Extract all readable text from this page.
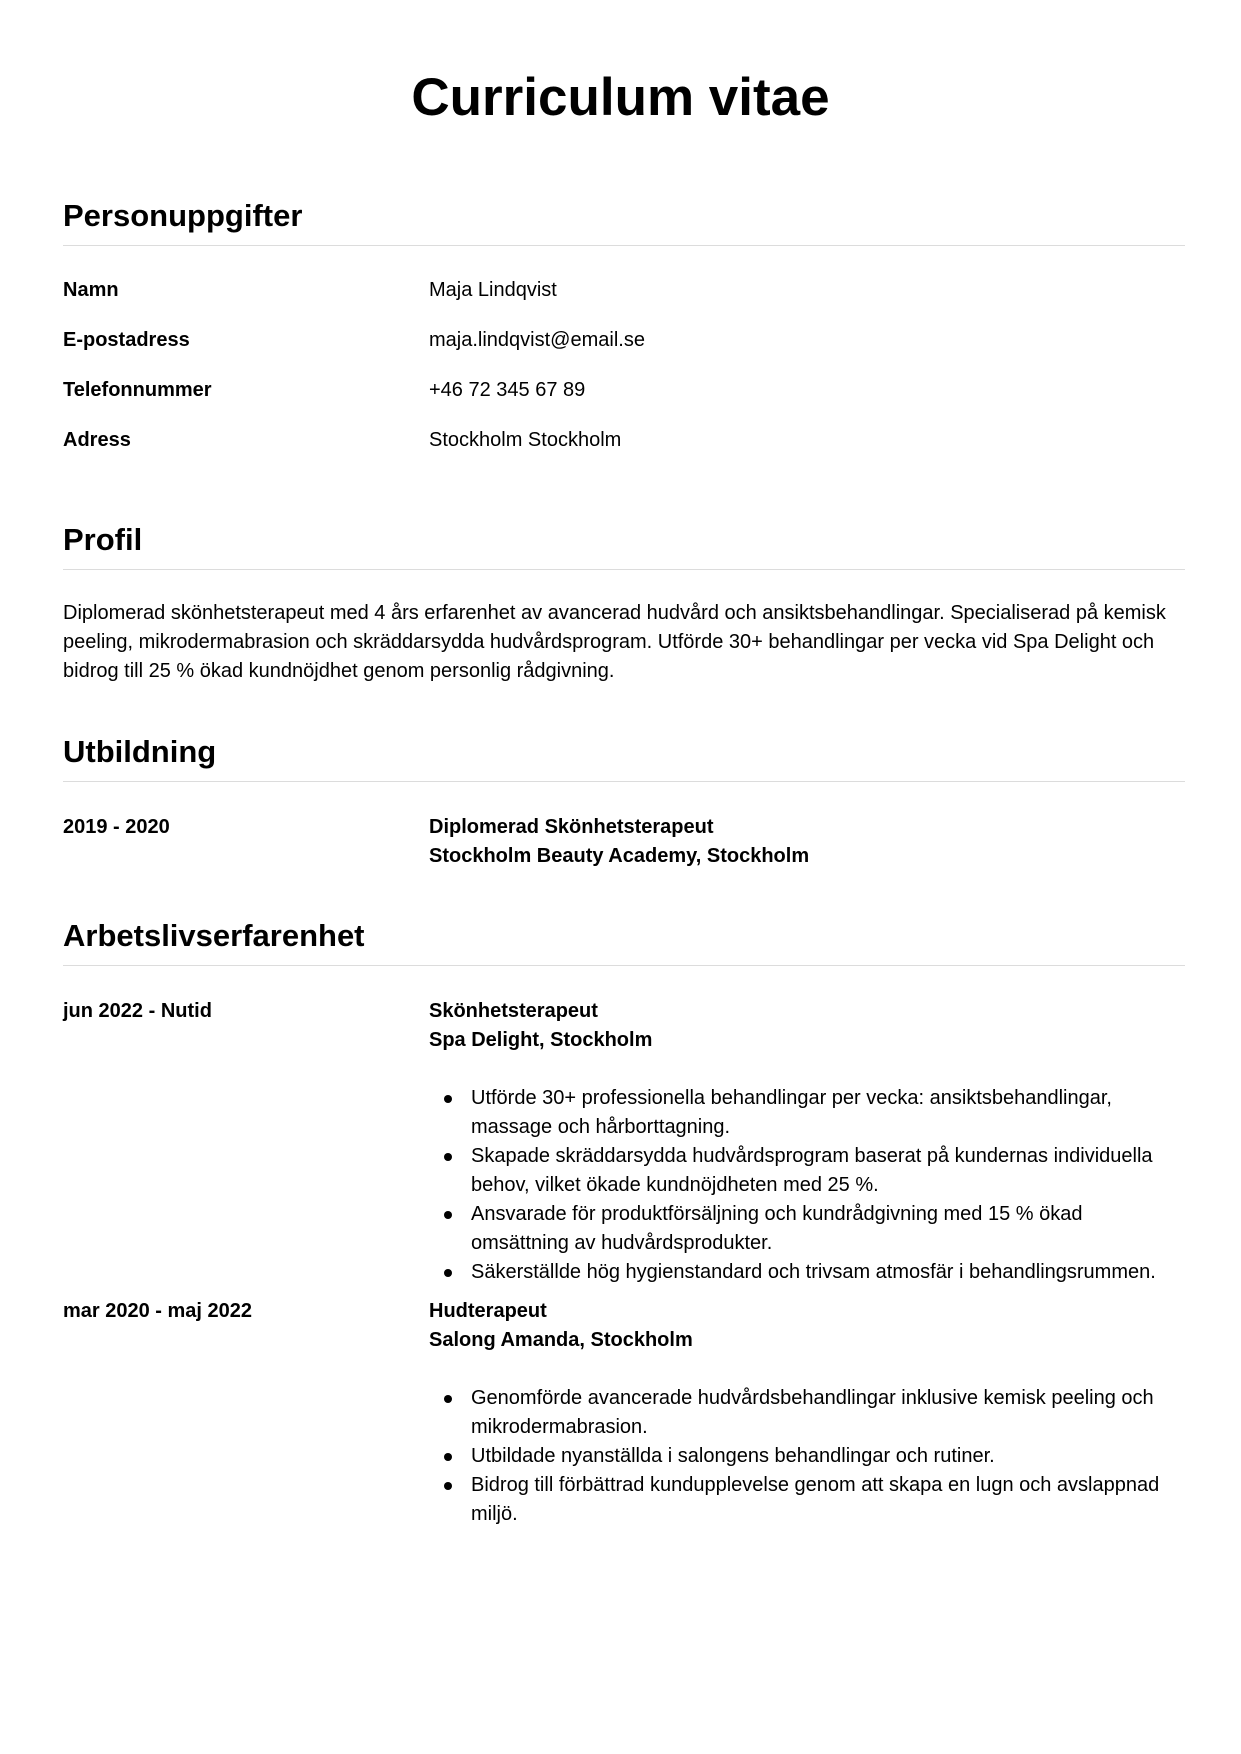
Curriculum vitae
Personuppgifter
Namn	Maja Lindqvist
E-postadress	maja.lindqvist@email.se
Telefonnummer	+46 72 345 67 89
Adress	Stockholm Stockholm
Profil

Diplomerad skönhetsterapeut med 4 års erfarenhet av avancerad hudvård och ansiktsbehandlingar. Specialiserad på kemisk peeling, mikrodermabrasion och skräddarsydda hudvårdsprogram. Utförde 30+ behandlingar per vecka vid Spa Delight och bidrog till 25 % ökad kundnöjdhet genom personlig rådgivning.

Utbildning
2019 - 2020	Diplomerad Skönhetsterapeut
Stockholm Beauty Academy, Stockholm
Arbetslivserfarenhet
jun 2022 - Nutid	Skönhetsterapeut
Spa Delight, Stockholm
Utförde 30+ professionella behandlingar per vecka: ansiktsbehandlingar, massage och hårborttagning.
Skapade skräddarsydda hudvårdsprogram baserat på kundernas individuella behov, vilket ökade kundnöjdheten med 25 %.
Ansvarade för produktförsäljning och kundrådgivning med 15 % ökad omsättning av hudvårdsprodukter.
Säkerställde hög hygienstandard och trivsam atmosfär i behandlingsrummen.
mar 2020 - maj 2022	Hudterapeut
Salong Amanda, Stockholm
Genomförde avancerade hudvårdsbehandlingar inklusive kemisk peeling och mikrodermabrasion.
Utbildade nyanställda i salongens behandlingar och rutiner.
Bidrog till förbättrad kundupplevelse genom att skapa en lugn och avslappnad miljö.
